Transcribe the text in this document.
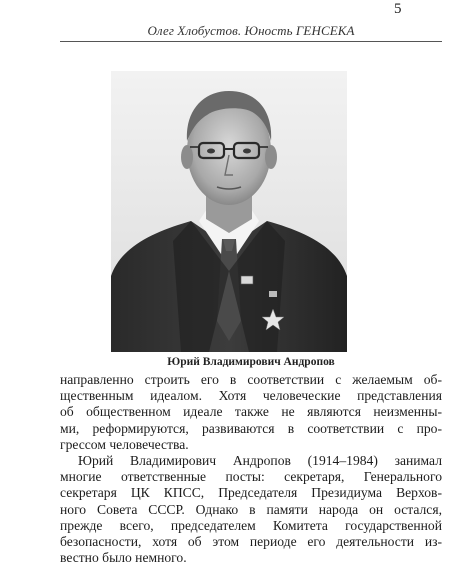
5
Олег Хлобустов. Юность ГЕНСЕКА
Юрий Владимирович Андропов
направленно строить его в соответствии с желаемым об-
щественным идеалом. Хотя человеческие представления
об общественном идеале также не являются неизменны-
ми, реформируются, развиваются в соответствии с про-
грессом человечества.
Юрий Владимирович Андропов (1914–1984) занимал
многие ответственные посты: секретаря, Генерального
секретаря ЦК КПСС, Председателя Президиума Верхов-
ного Совета СССР. Однако в памяти народа он остался,
прежде всего, председателем Комитета государственной
безопасности, хотя об этом периоде его деятельности из-
вестно было немного.
